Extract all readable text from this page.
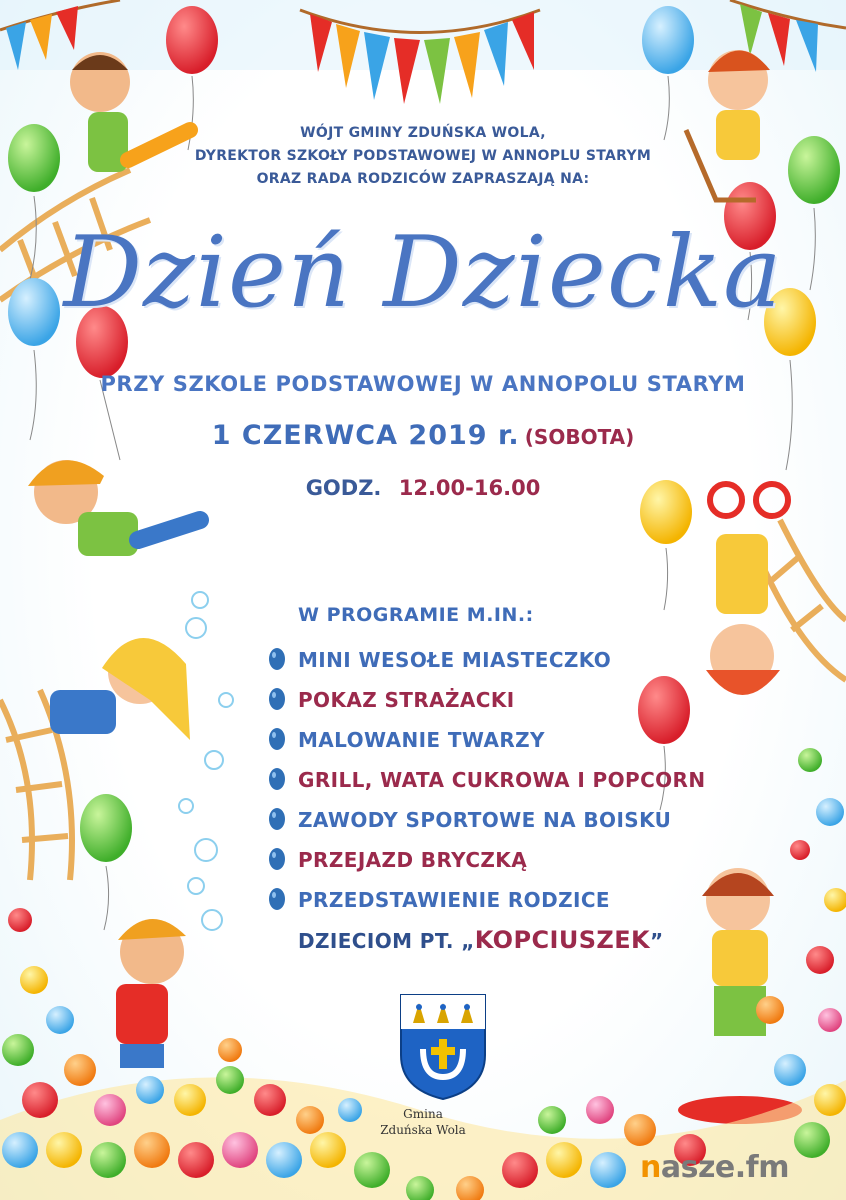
WÓJT GMINY ZDUŃSKA WOLA,
DYREKTOR SZKOŁY PODSTAWOWEJ W ANNOPLU STARYM
ORAZ RADA RODZICÓW ZAPRASZAJĄ NA:
Dzień Dziecka
PRZY SZKOLE PODSTAWOWEJ W ANNOPOLU STARYM
1 CZERWCA 2019 r. (SOBOTA)
GODZ. 12.00-16.00
W PROGRAMIE M.IN.:
MINI WESOŁE MIASTECZKO
POKAZ STRAŻACKI
MALOWANIE TWARZY
GRILL, WATA CUKROWA I POPCORN
ZAWODY SPORTOWE NA BOISKU
PRZEJAZD BRYCZKĄ
PRZEDSTAWIENIE RODZICE
DZIECIOM PT. „KOPCIUSZEK”
Gmina
Zduńska Wola
nasze.fm
